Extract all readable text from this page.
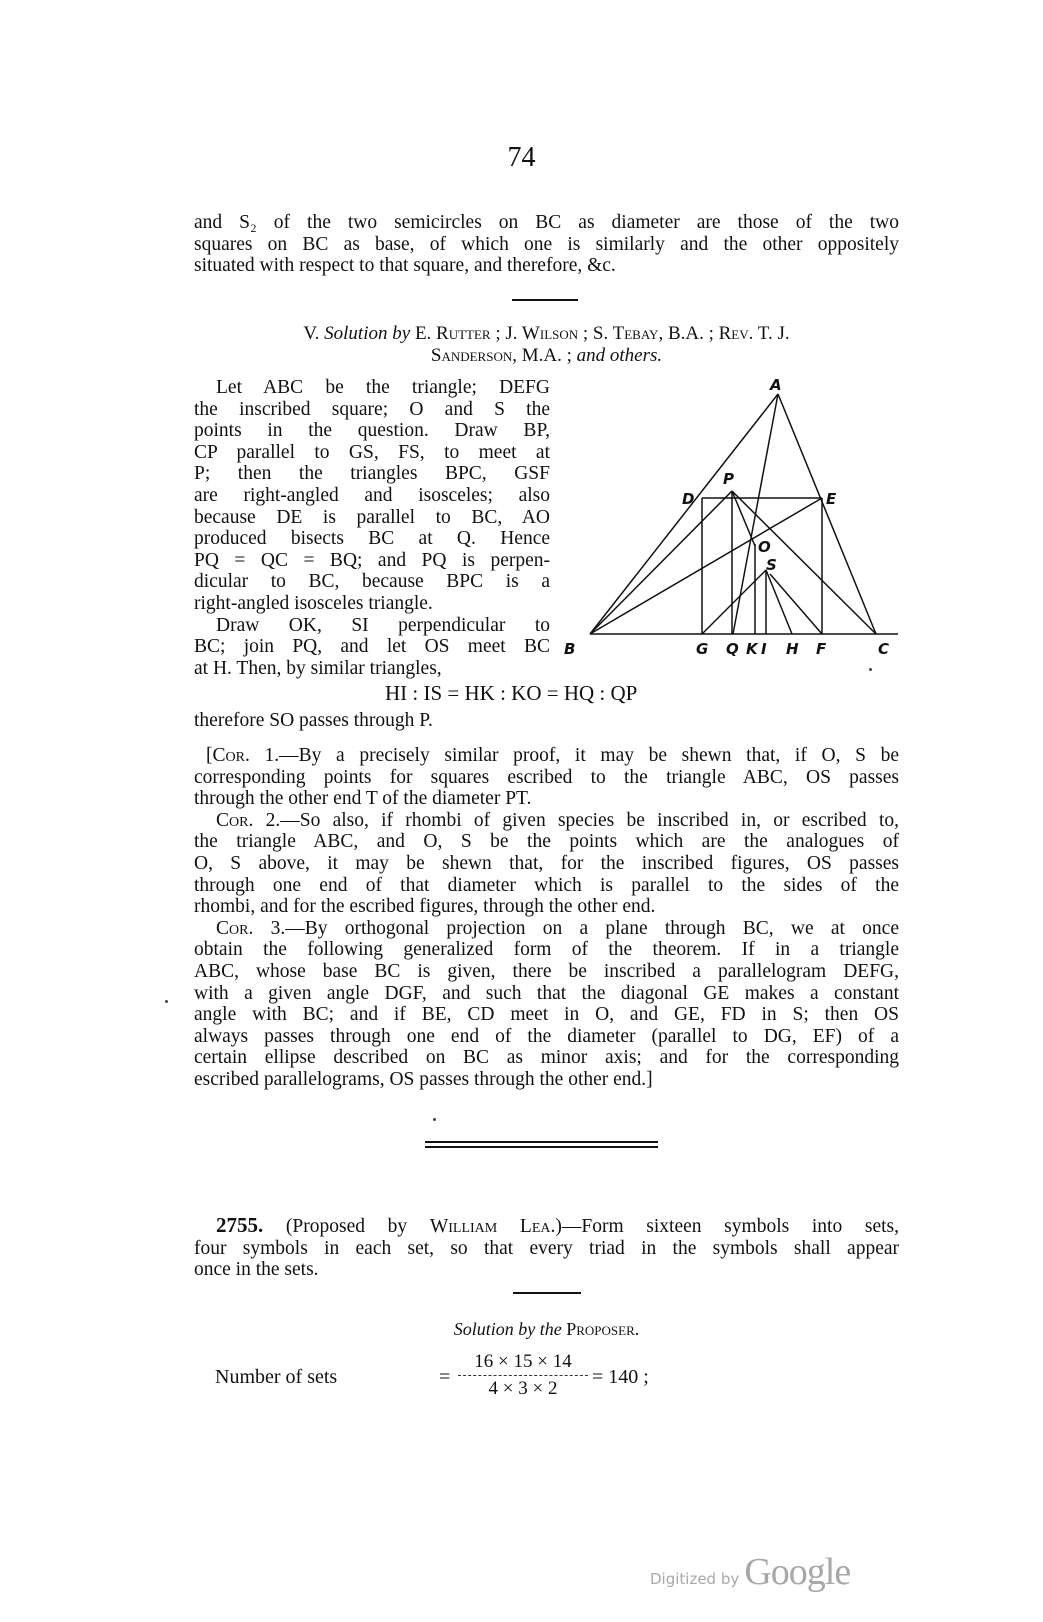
74
and S₂ of the two semicircles on BC as diameter are those of the two
squares on BC as base, of which one is similarly and the other oppositely
situated with respect to that square, and therefore, &c.
V. Solution by E. Rutter ; J. Wilson ; S. Tebay, B.A. ; Rev. T. J.
Sanderson, M.A. ; and others.
Let ABC be the triangle; DEFG
the inscribed square; O and S the
points in the question. Draw BP,
CP parallel to GS, FS, to meet at
P; then the triangles BPC, GSF
are right-angled and isosceles; also
because DE is parallel to BC, AO
produced bisects BC at Q. Hence
PQ = QC = BQ; and PQ is perpen-
dicular to BC, because BPC is a
right-angled isosceles triangle.
Draw OK, SI perpendicular to
BC; join PQ, and let OS meet BC
at H. Then, by similar triangles,
A
P
D	E
O
S
B	G Q K I H F	C
HI : IS = HK : KO = HQ : QP
therefore SO passes through P.
[Cor. 1.—By a precisely similar proof, it may be shewn that, if O, S be
corresponding points for squares escribed to the triangle ABC, OS passes
through the other end T of the diameter PT.
Cor. 2.—So also, if rhombi of given species be inscribed in, or escribed to,
the triangle ABC, and O, S be the points which are the analogues of
O, S above, it may be shewn that, for the inscribed figures, OS passes
through one end of that diameter which is parallel to the sides of the
rhombi, and for the escribed figures, through the other end.
Cor. 3.—By orthogonal projection on a plane through BC, we at once
obtain the following generalized form of the theorem. If in a triangle
ABC, whose base BC is given, there be inscribed a parallelogram DEFG,
with a given angle DGF, and such that the diagonal GE makes a constant
angle with BC; and if BE, CD meet in O, and GE, FD in S; then OS
always passes through one end of the diameter (parallel to DG, EF) of a
certain ellipse described on BC as minor axis; and for the corresponding
escribed parallelograms, OS passes through the other end.]
2755. (Proposed by William Lea.)—Form sixteen symbols into sets,
four symbols in each set, so that every triad in the symbols shall appear
once in the sets.
Solution by the Proposer.
Number of sets	= $\frac{16 \times 15 \times 14}{4 \times 3 \times 2} = 140$ ;
Digitized by Google
